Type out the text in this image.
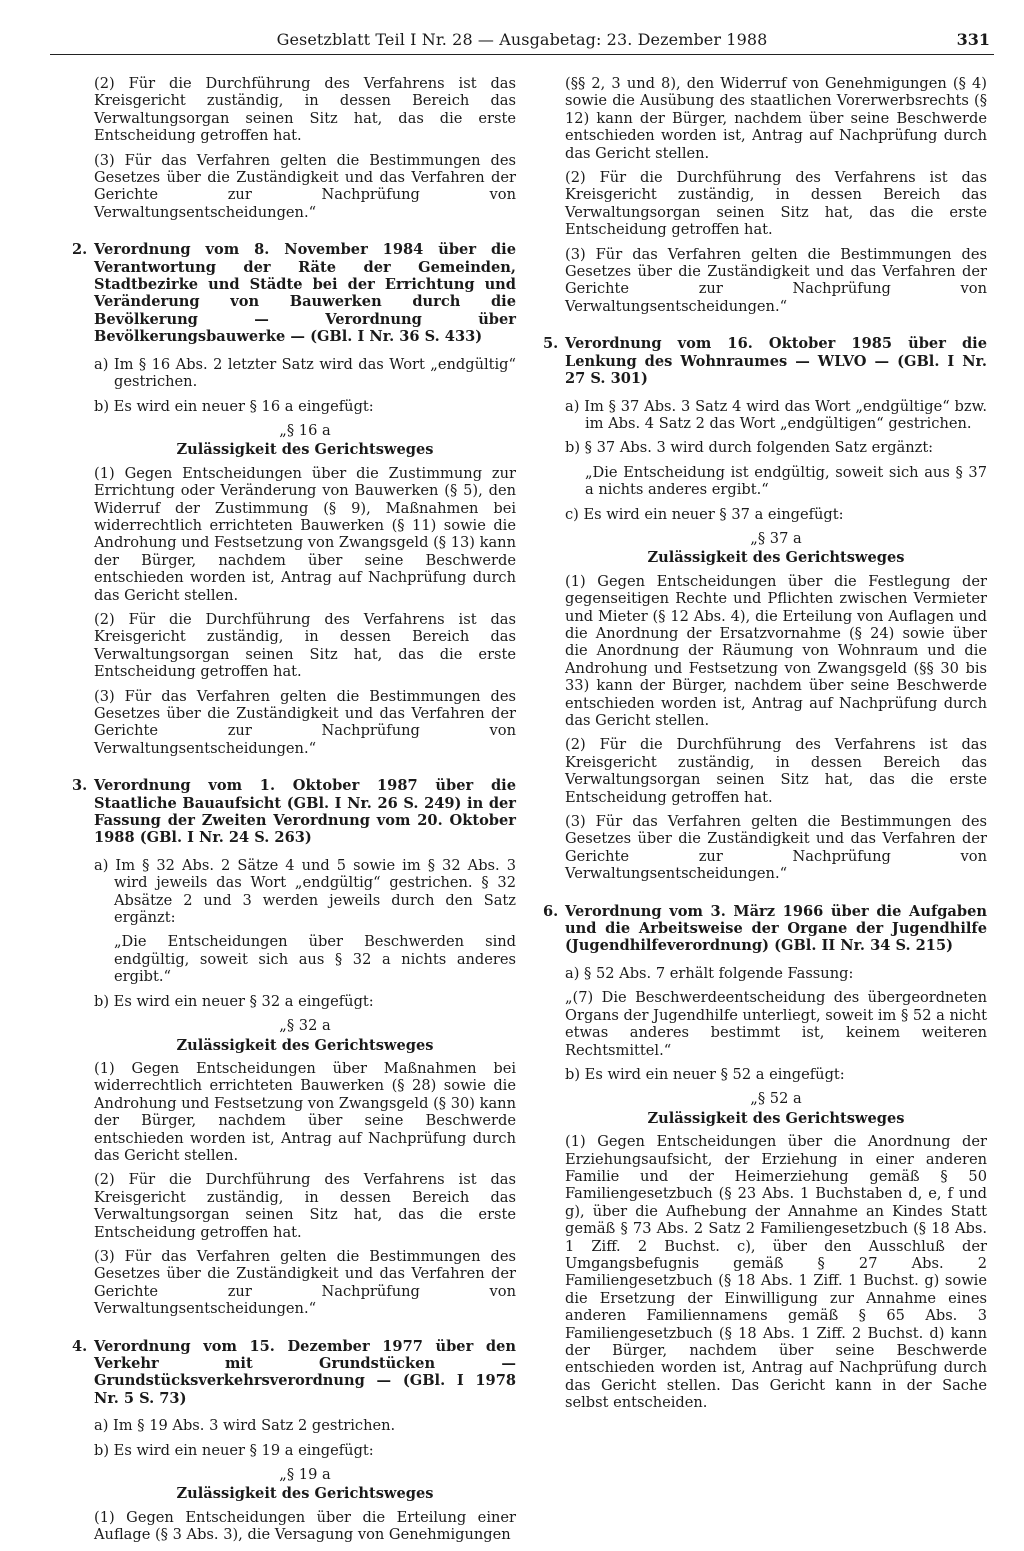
Gesetzblatt Teil I Nr. 28 — Ausgabetag: 23. Dezember 1988	331

(2) Für die Durchführung des Verfahrens ist das Kreisgericht zuständig, in dessen Bereich das Verwaltungsorgan seinen Sitz hat, das die erste Entscheidung getroffen hat.

(3) Für das Verfahren gelten die Bestimmungen des Gesetzes über die Zuständigkeit und das Verfahren der Gerichte zur Nachprüfung von Verwaltungsentscheidungen.“

2. Verordnung vom 8. November 1984 über die Verantwortung der Räte der Gemeinden, Stadtbezirke und Städte bei der Errichtung und Veränderung von Bauwerken durch die Bevölkerung — Verordnung über Bevölkerungsbauwerke — (GBl. I Nr. 36 S. 433)

a) Im § 16 Abs. 2 letzter Satz wird das Wort „endgültig“ gestrichen.

b) Es wird ein neuer § 16 a eingefügt:

„§ 16 a

Zulässigkeit des Gerichtsweges

(1) Gegen Entscheidungen über die Zustimmung zur Errichtung oder Veränderung von Bauwerken (§ 5), den Widerruf der Zustimmung (§ 9), Maßnahmen bei widerrechtlich errichteten Bauwerken (§ 11) sowie die Androhung und Festsetzung von Zwangsgeld (§ 13) kann der Bürger, nachdem über seine Beschwerde entschieden worden ist, Antrag auf Nachprüfung durch das Gericht stellen.

(2) Für die Durchführung des Verfahrens ist das Kreisgericht zuständig, in dessen Bereich das Verwaltungsorgan seinen Sitz hat, das die erste Entscheidung getroffen hat.

(3) Für das Verfahren gelten die Bestimmungen des Gesetzes über die Zuständigkeit und das Verfahren der Gerichte zur Nachprüfung von Verwaltungsentscheidungen.“

3. Verordnung vom 1. Oktober 1987 über die Staatliche Bauaufsicht (GBl. I Nr. 26 S. 249) in der Fassung der Zweiten Verordnung vom 20. Oktober 1988 (GBl. I Nr. 24 S. 263)

a) Im § 32 Abs. 2 Sätze 4 und 5 sowie im § 32 Abs. 3 wird jeweils das Wort „endgültig“ gestrichen. § 32 Absätze 2 und 3 werden jeweils durch den Satz ergänzt:

„Die Entscheidungen über Beschwerden sind endgültig, soweit sich aus § 32 a nichts anderes ergibt.“

b) Es wird ein neuer § 32 a eingefügt:

„§ 32 a

Zulässigkeit des Gerichtsweges

(1) Gegen Entscheidungen über Maßnahmen bei widerrechtlich errichteten Bauwerken (§ 28) sowie die Androhung und Festsetzung von Zwangsgeld (§ 30) kann der Bürger, nachdem über seine Beschwerde entschieden worden ist, Antrag auf Nachprüfung durch das Gericht stellen.

(2) Für die Durchführung des Verfahrens ist das Kreisgericht zuständig, in dessen Bereich das Verwaltungsorgan seinen Sitz hat, das die erste Entscheidung getroffen hat.

(3) Für das Verfahren gelten die Bestimmungen des Gesetzes über die Zuständigkeit und das Verfahren der Gerichte zur Nachprüfung von Verwaltungsentscheidungen.“

4. Verordnung vom 15. Dezember 1977 über den Verkehr mit Grundstücken — Grundstücksverkehrsverordnung — (GBl. I 1978 Nr. 5 S. 73)

a) Im § 19 Abs. 3 wird Satz 2 gestrichen.

b) Es wird ein neuer § 19 a eingefügt:

„§ 19 a

Zulässigkeit des Gerichtsweges

(1) Gegen Entscheidungen über die Erteilung einer Auflage (§ 3 Abs. 3), die Versagung von Genehmigungen

(§§ 2, 3 und 8), den Widerruf von Genehmigungen (§ 4) sowie die Ausübung des staatlichen Vorerwerbsrechts (§ 12) kann der Bürger, nachdem über seine Beschwerde entschieden worden ist, Antrag auf Nachprüfung durch das Gericht stellen.

(2) Für die Durchführung des Verfahrens ist das Kreisgericht zuständig, in dessen Bereich das Verwaltungsorgan seinen Sitz hat, das die erste Entscheidung getroffen hat.

(3) Für das Verfahren gelten die Bestimmungen des Gesetzes über die Zuständigkeit und das Verfahren der Gerichte zur Nachprüfung von Verwaltungsentscheidungen.“

5. Verordnung vom 16. Oktober 1985 über die Lenkung des Wohnraumes — WLVO — (GBl. I Nr. 27 S. 301)

a) Im § 37 Abs. 3 Satz 4 wird das Wort „endgültige“ bzw. im Abs. 4 Satz 2 das Wort „endgültigen“ gestrichen.

b) § 37 Abs. 3 wird durch folgenden Satz ergänzt:

„Die Entscheidung ist endgültig, soweit sich aus § 37 a nichts anderes ergibt.“

c) Es wird ein neuer § 37 a eingefügt:

„§ 37 a

Zulässigkeit des Gerichtsweges

(1) Gegen Entscheidungen über die Festlegung der gegenseitigen Rechte und Pflichten zwischen Vermieter und Mieter (§ 12 Abs. 4), die Erteilung von Auflagen und die Anordnung der Ersatzvornahme (§ 24) sowie über die Anordnung der Räumung von Wohnraum und die Androhung und Festsetzung von Zwangsgeld (§§ 30 bis 33) kann der Bürger, nachdem über seine Beschwerde entschieden worden ist, Antrag auf Nachprüfung durch das Gericht stellen.

(2) Für die Durchführung des Verfahrens ist das Kreisgericht zuständig, in dessen Bereich das Verwaltungsorgan seinen Sitz hat, das die erste Entscheidung getroffen hat.

(3) Für das Verfahren gelten die Bestimmungen des Gesetzes über die Zuständigkeit und das Verfahren der Gerichte zur Nachprüfung von Verwaltungsentscheidungen.“

6. Verordnung vom 3. März 1966 über die Aufgaben und die Arbeitsweise der Organe der Jugendhilfe (Jugendhilfeverordnung) (GBl. II Nr. 34 S. 215)

a) § 52 Abs. 7 erhält folgende Fassung:

„(7) Die Beschwerdeentscheidung des übergeordneten Organs der Jugendhilfe unterliegt, soweit im § 52 a nicht etwas anderes bestimmt ist, keinem weiteren Rechtsmittel.“

b) Es wird ein neuer § 52 a eingefügt:

„§ 52 a

Zulässigkeit des Gerichtsweges

(1) Gegen Entscheidungen über die Anordnung der Erziehungsaufsicht, der Erziehung in einer anderen Familie und der Heimerziehung gemäß § 50 Familiengesetzbuch (§ 23 Abs. 1 Buchstaben d, e, f und g), über die Aufhebung der Annahme an Kindes Statt gemäß § 73 Abs. 2 Satz 2 Familiengesetzbuch (§ 18 Abs. 1 Ziff. 2 Buchst. c), über den Ausschluß der Umgangsbefugnis gemäß § 27 Abs. 2 Familiengesetzbuch (§ 18 Abs. 1 Ziff. 1 Buchst. g) sowie die Ersetzung der Einwilligung zur Annahme eines anderen Familiennamens gemäß § 65 Abs. 3 Familiengesetzbuch (§ 18 Abs. 1 Ziff. 2 Buchst. d) kann der Bürger, nachdem über seine Beschwerde entschieden worden ist, Antrag auf Nachprüfung durch das Gericht stellen. Das Gericht kann in der Sache selbst entscheiden.
